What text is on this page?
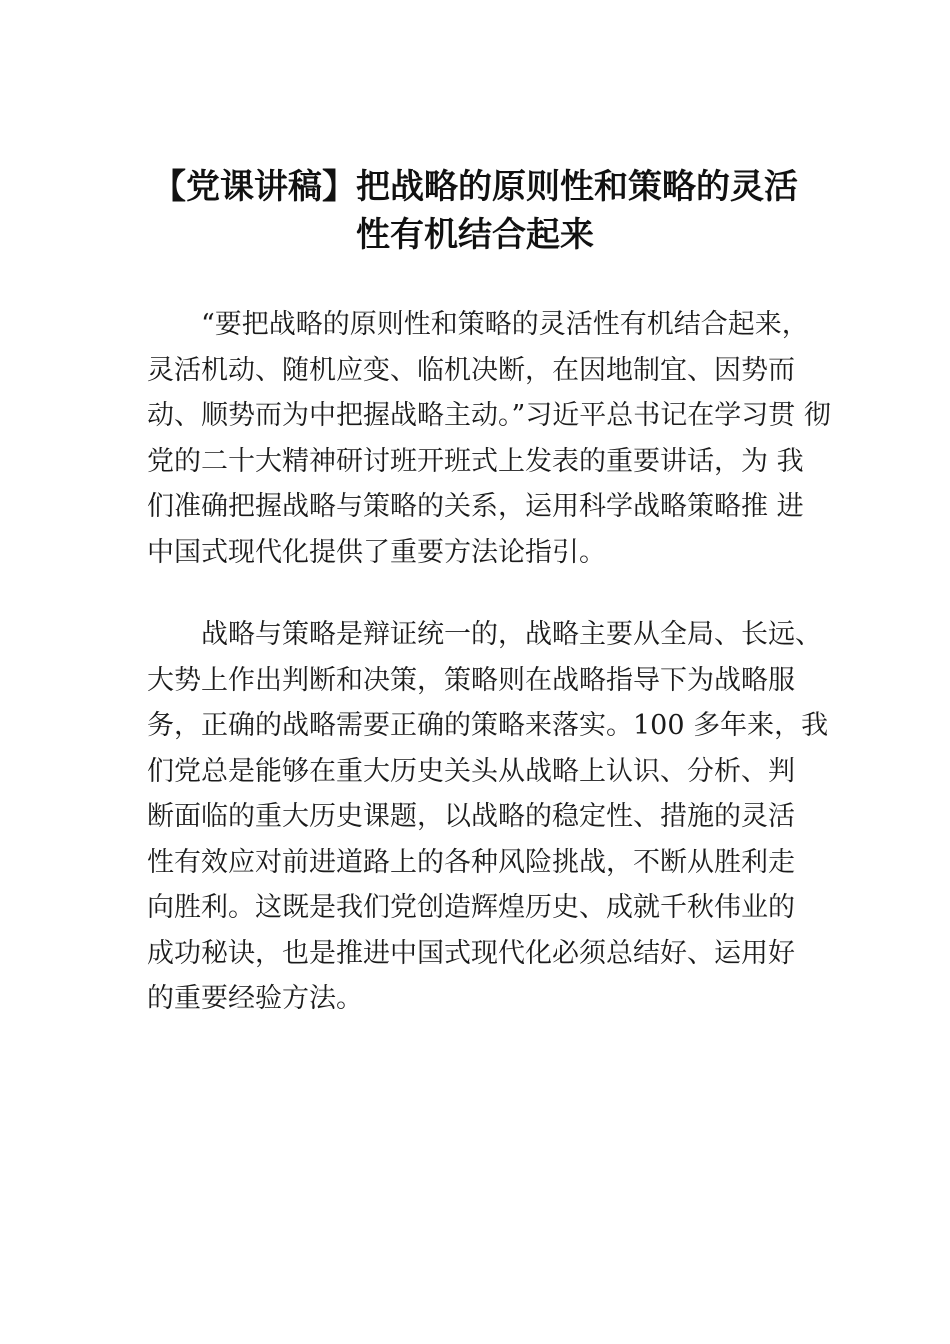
【党课讲稿】把战略的原则性和策略的灵活
性有机结合起来
“要把战略的原则性和策略的灵活性有机结合起来，
灵活机动、随机应变、临机决断，在因地制宜、因势而
动、顺势而为中把握战略主动。”习近平总书记在学习贯 彻
党的二十大精神研讨班开班式上发表的重要讲话，为 我
们准确把握战略与策略的关系，运用科学战略策略推 进
中国式现代化提供了重要方法论指引。
战略与策略是辩证统一的，战略主要从全局、长远、
大势上作出判断和决策，策略则在战略指导下为战略服
务，正确的战略需要正确的策略来落实。100 多年来，我
们党总是能够在重大历史关头从战略上认识、分析、判
断面临的重大历史课题，以战略的稳定性、措施的灵活
性有效应对前进道路上的各种风险挑战，不断从胜利走
向胜利。这既是我们党创造辉煌历史、成就千秋伟业的
成功秘诀，也是推进中国式现代化必须总结好、运用好
的重要经验方法。
